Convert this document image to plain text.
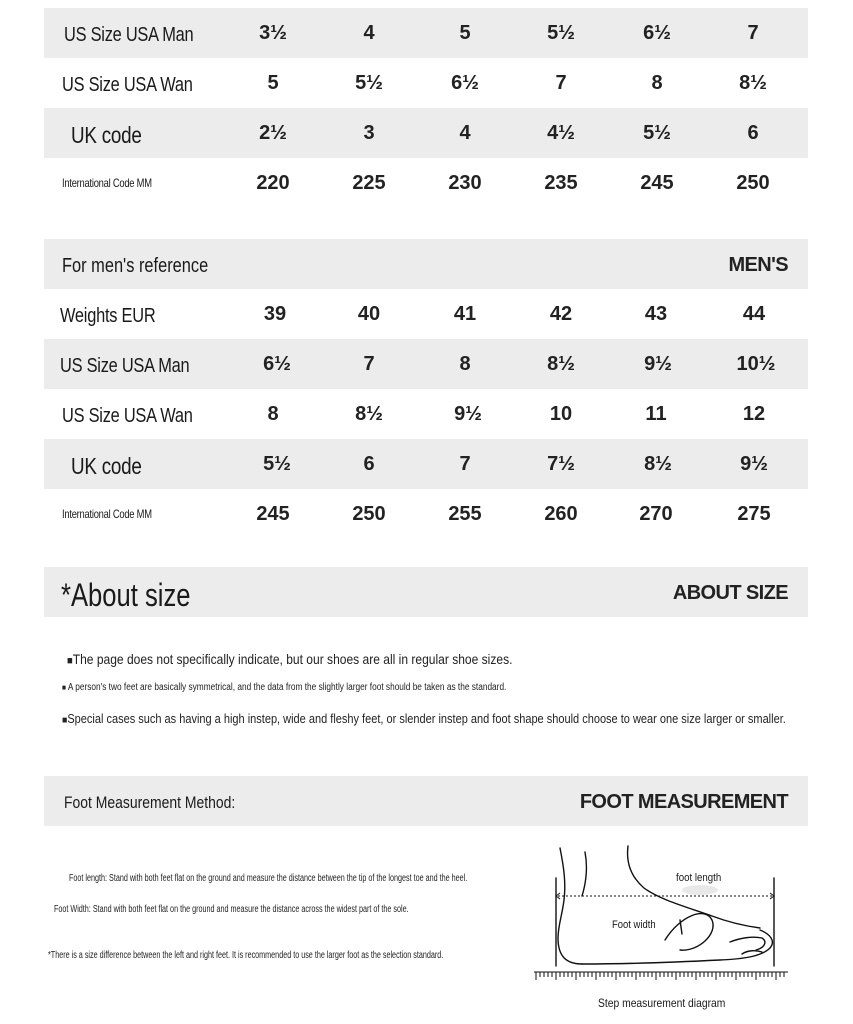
US Size USA Man	3½	4	5	5½	6½	7
US Size USA Wan	5	5½	6½	7	8	8½
UK code	2½	3	4	4½	5½	6
International Code MM	220	225	230	235	245	250
For men's reference	MEN'S
Weights EUR	39	40	41	42	43	44
US Size USA Man	6½	7	8	8½	9½	10½
US Size USA Wan	8	8½	9½	10	11	12
UK code	5½	6	7	7½	8½	9½
International Code MM	245	250	255	260	270	275
*About size	ABOUT SIZE
■The page does not specifically indicate, but our shoes are all in regular shoe sizes.
■ A person's two feet are basically symmetrical, and the data from the slightly larger foot should be taken as the standard.
■Special cases such as having a high instep, wide and fleshy feet, or slender instep and foot shape should choose to wear one size larger or smaller.
Foot Measurement Method:	FOOT MEASUREMENT
Foot length: Stand with both feet flat on the ground and measure the distance between the tip of the longest toe and the heel.
Foot Width: Stand with both feet flat on the ground and measure the distance across the widest part of the sole.
*There is a size difference between the left and right feet. It is recommended to use the larger foot as the selection standard.
foot length
Foot width
Step measurement diagram
